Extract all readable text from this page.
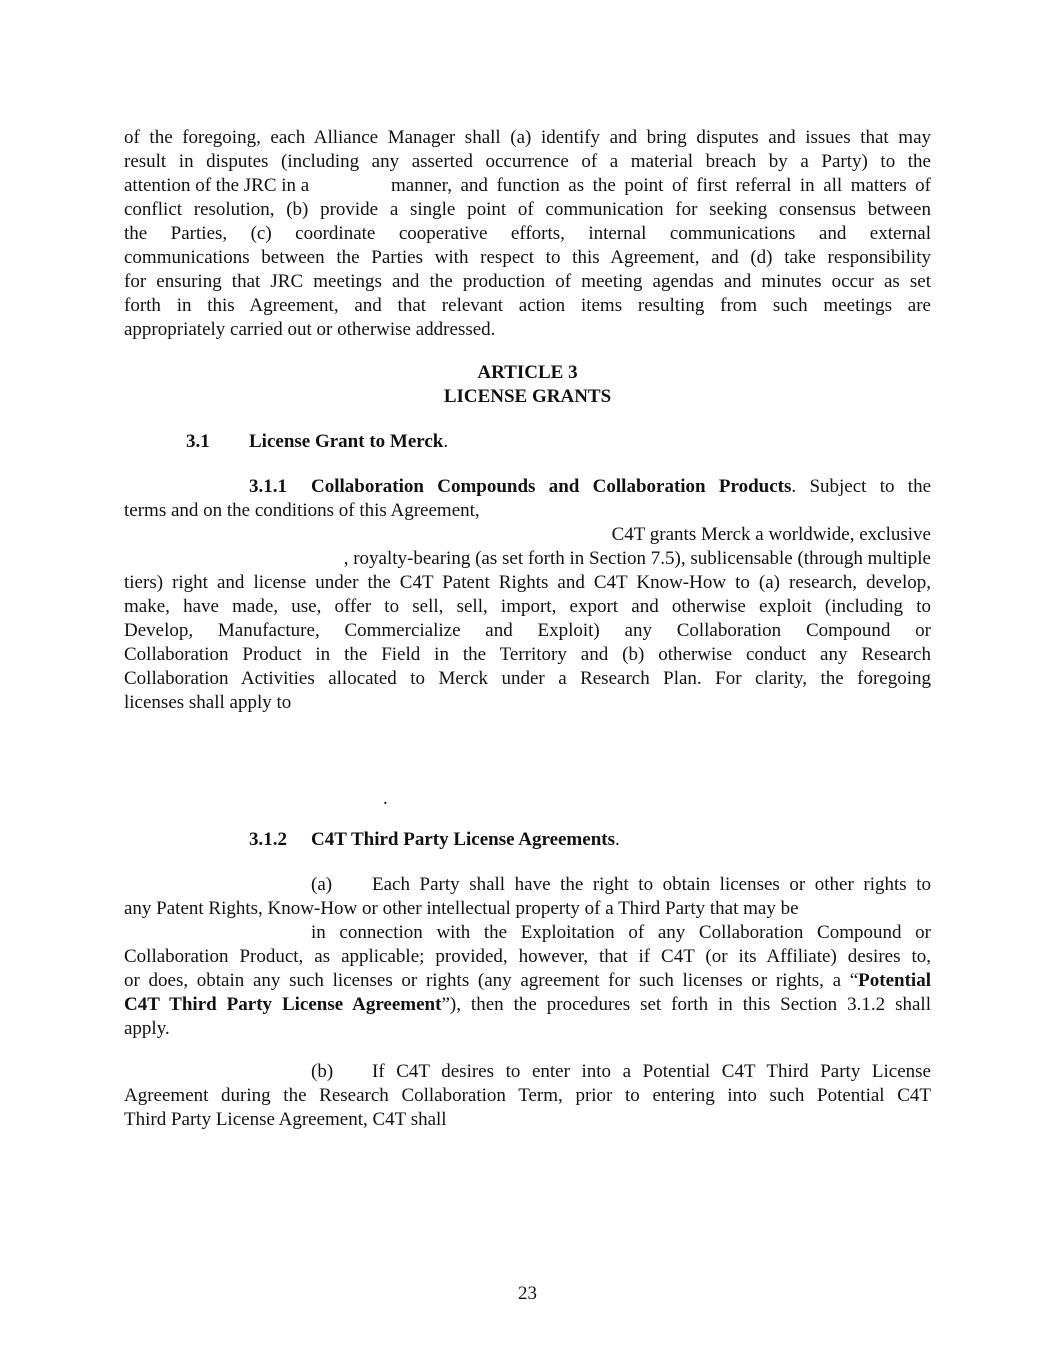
of the foregoing, each Alliance Manager shall (a) identify and bring disputes and issues that may
result in disputes (including any asserted occurrence of a material breach by a Party) to the
attention of the JRC in a	manner, and function as the point of first referral in all matters of
conflict resolution, (b) provide a single point of communication for seeking consensus between
the Parties, (c) coordinate cooperative efforts, internal communications and external
communications between the Parties with respect to this Agreement, and (d) take responsibility
for ensuring that JRC meetings and the production of meeting agendas and minutes occur as set
forth in this Agreement, and that relevant action items resulting from such meetings are
appropriately carried out or otherwise addressed.
ARTICLE 3
LICENSE GRANTS
3.1 License Grant to Merck.
3.1.1 Collaboration Compounds and Collaboration Products. Subject to the
terms and on the conditions of this Agreement,
C4T grants Merck a worldwide, exclusive
, royalty-bearing (as set forth in Section 7.5), sublicensable (through multiple
tiers) right and license under the C4T Patent Rights and C4T Know-How to (a) research, develop,
make, have made, use, offer to sell, sell, import, export and otherwise exploit (including to
Develop, Manufacture, Commercialize and Exploit) any Collaboration Compound or
Collaboration Product in the Field in the Territory and (b) otherwise conduct any Research
Collaboration Activities allocated to Merck under a Research Plan. For clarity, the foregoing
licenses shall apply to
.
3.1.2 C4T Third Party License Agreements.
(a) Each Party shall have the right to obtain licenses or other rights to
any Patent Rights, Know-How or other intellectual property of a Third Party that may be
in connection with the Exploitation of any Collaboration Compound or
Collaboration Product, as applicable; provided, however, that if C4T (or its Affiliate) desires to,
or does, obtain any such licenses or rights (any agreement for such licenses or rights, a “Potential
C4T Third Party License Agreement”), then the procedures set forth in this Section 3.1.2 shall
apply.
(b) If C4T desires to enter into a Potential C4T Third Party License
Agreement during the Research Collaboration Term, prior to entering into such Potential C4T
Third Party License Agreement, C4T shall
23
